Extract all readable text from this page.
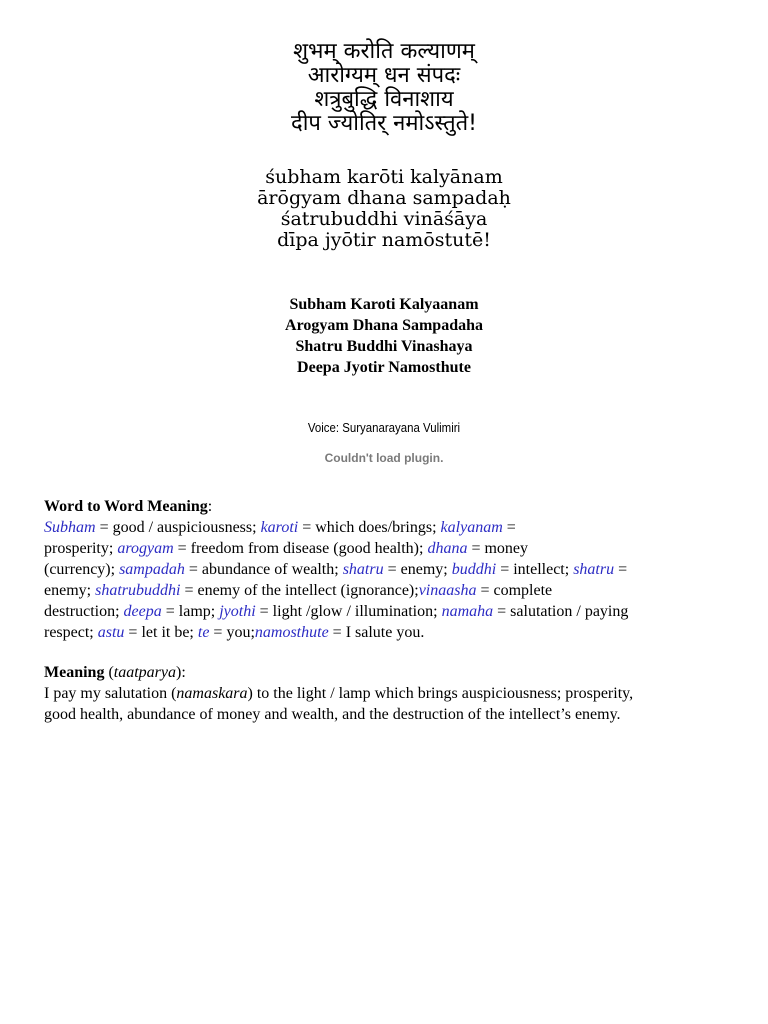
शुभम् करोति कल्याणम्
आरोग्यम् धन संपदः
शत्रुबुद्धि विनाशाय
दीप ज्योतिर् नमोऽस्तुते!
śubham karōti kalyānam
ārōgyam dhana sampadaḥ
śatrubuddhi vināśāya
dīpa jyōtir namōstutē!
Subham Karoti Kalyaanam
Arogyam Dhana Sampadaha
Shatru Buddhi Vinashaya
Deepa Jyotir Namosthute
Voice: Suryanarayana Vulimiri
Couldn't load plugin.
Word to Word Meaning:
Subham = good / auspiciousness; karoti = which does/brings; kalyanam =
prosperity; arogyam = freedom from disease (good health); dhana = money
(currency); sampadah = abundance of wealth; shatru = enemy; buddhi = intellect; shatru =
enemy; shatrubuddhi = enemy of the intellect (ignorance);vinaasha = complete
destruction; deepa = lamp; jyothi = light /glow / illumination; namaha = salutation / paying
respect; astu = let it be; te = you;namosthute = I salute you.
Meaning (taatparya):
I pay my salutation (namaskara) to the light / lamp which brings auspiciousness; prosperity,
good health, abundance of money and wealth, and the destruction of the intellect’s enemy.
